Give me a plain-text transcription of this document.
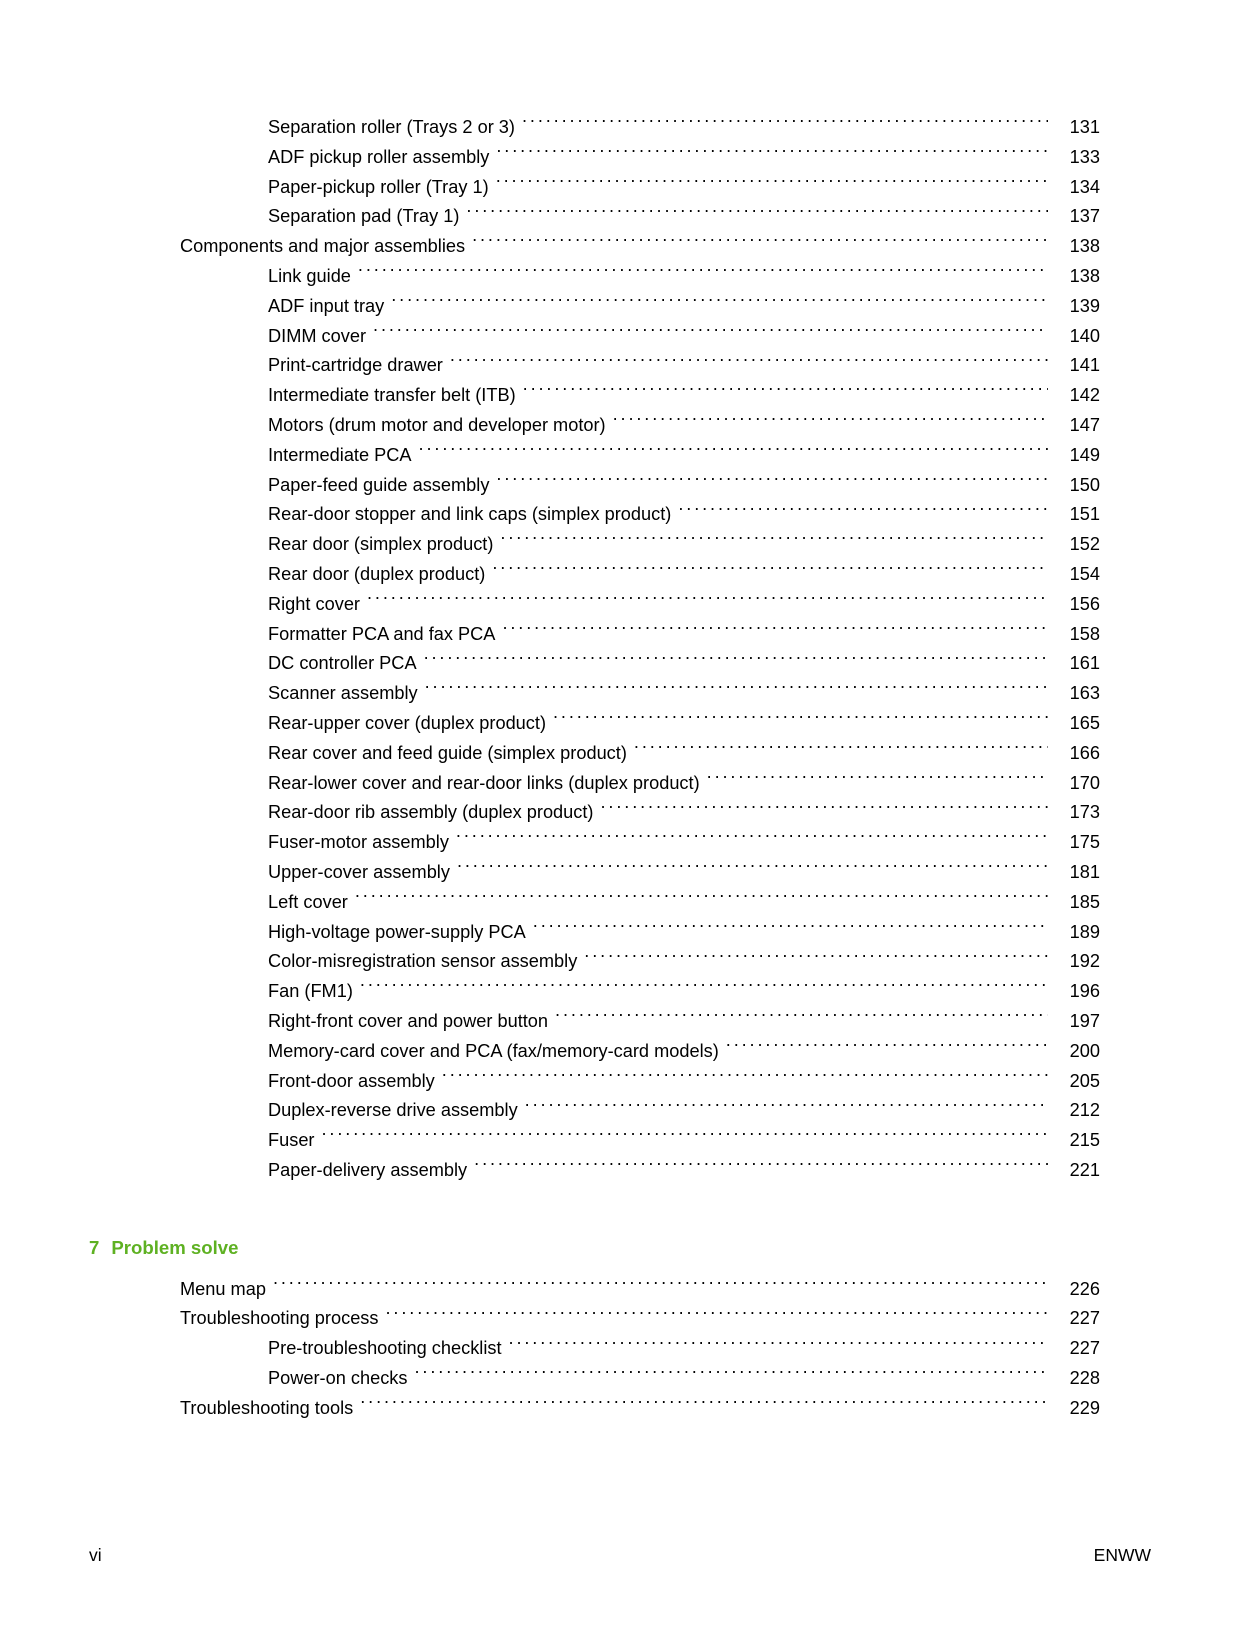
Separation roller (Trays 2 or 3) . . .	131
ADF pickup roller assembly . . .	133
Paper-pickup roller (Tray 1) . . .	134
Separation pad (Tray 1) . . .	137
Components and major assemblies . . .	138
Link guide . . .	138
ADF input tray . . .	139
DIMM cover . . .	140
Print-cartridge drawer . . .	141
Intermediate transfer belt (ITB) . . .	142
Motors (drum motor and developer motor) . . .	147
Intermediate PCA . . .	149
Paper-feed guide assembly . . .	150
Rear-door stopper and link caps (simplex product) . . .	151
Rear door (simplex product) . . .	152
Rear door (duplex product) . . .	154
Right cover . . .	156
Formatter PCA and fax PCA . . .	158
DC controller PCA . . .	161
Scanner assembly . . .	163
Rear-upper cover (duplex product) . . .	165
Rear cover and feed guide (simplex product) . . .	166
Rear-lower cover and rear-door links (duplex product) . . .	170
Rear-door rib assembly (duplex product) . . .	173
Fuser-motor assembly . . .	175
Upper-cover assembly . . .	181
Left cover . . .	185
High-voltage power-supply PCA . . .	189
Color-misregistration sensor assembly . . .	192
Fan (FM1) . . .	196
Right-front cover and power button . . .	197
Memory-card cover and PCA (fax/memory-card models) . . .	200
Front-door assembly . . .	205
Duplex-reverse drive assembly . . .	212
Fuser . . .	215
Paper-delivery assembly . . .	221
7 Problem solve
Menu map . . .	226
Troubleshooting process . . .	227
Pre-troubleshooting checklist . . .	227
Power-on checks . . .	228
Troubleshooting tools . . .	229
vi	ENWW
